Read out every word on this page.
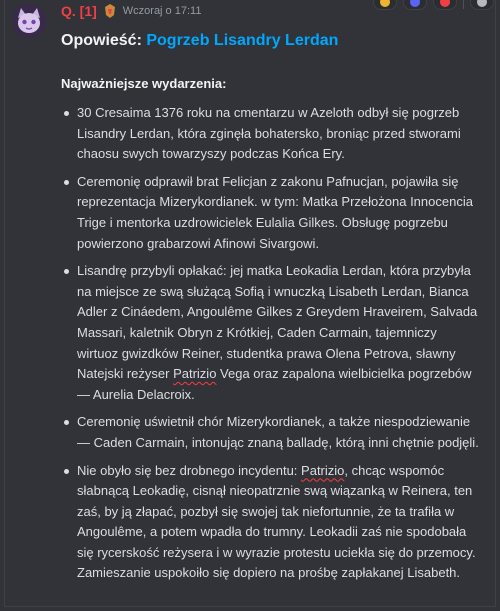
Q. [1] Wczoraj o 17:11
Opowieść: Pogrzeb Lisandry Lerdan
Najważniejsze wydarzenia:
30 Cresaima 1376 roku na cmentarzu w Azeloth odbył się pogrzeb Lisandry Lerdan, która zginęła bohatersko, broniąc przed stworami chaosu swych towarzyszy podczas Końca Ery.
Ceremonię odprawił brat Felicjan z zakonu Pafnucjan, pojawiła się reprezentacja Mizerykordianek. w tym: Matka Przełożona Innocencia Trige i mentorka uzdrowicielek Eulalia Gilkes. Obsługę pogrzebu powierzono grabarzowi Afinowi Sivargowi.
Lisandrę przybyli opłakać: jej matka Leokadia Lerdan, która przybyła na miejsce ze swą służącą Sofią i wnuczką Lisabeth Lerdan, Bianca Adler z Cináedem, Angoulême Gilkes z Greydem Hraveirem, Salvada Massari, kaletnik Obryn z Krótkiej, Caden Carmain, tajemniczy wirtuoz gwizdków Reiner, studentka prawa Olena Petrova, sławny Natejski reżyser Patrizio Vega oraz zapalona wielbicielka pogrzebów — Aurelia Delacroix.
Ceremonię uświetnił chór Mizerykordianek, a także niespodziewanie — Caden Carmain, intonując znaną balladę, którą inni chętnie podjęli.
Nie obyło się bez drobnego incydentu: Patrizio, chcąc wspomóc słabnącą Leokadię, cisnął nieopatrznie swą wiązanką w Reinera, ten zaś, by ją złapać, pozbył się swojej tak niefortunnie, że ta trafiła w Angoulême, a potem wpadła do trumny. Leokadii zaś nie spodobała się rycerskość reżysera i w wyrazie protestu uciekła się do przemocy. Zamieszanie uspokoiło się dopiero na prośbę zapłakanej Lisabeth.
